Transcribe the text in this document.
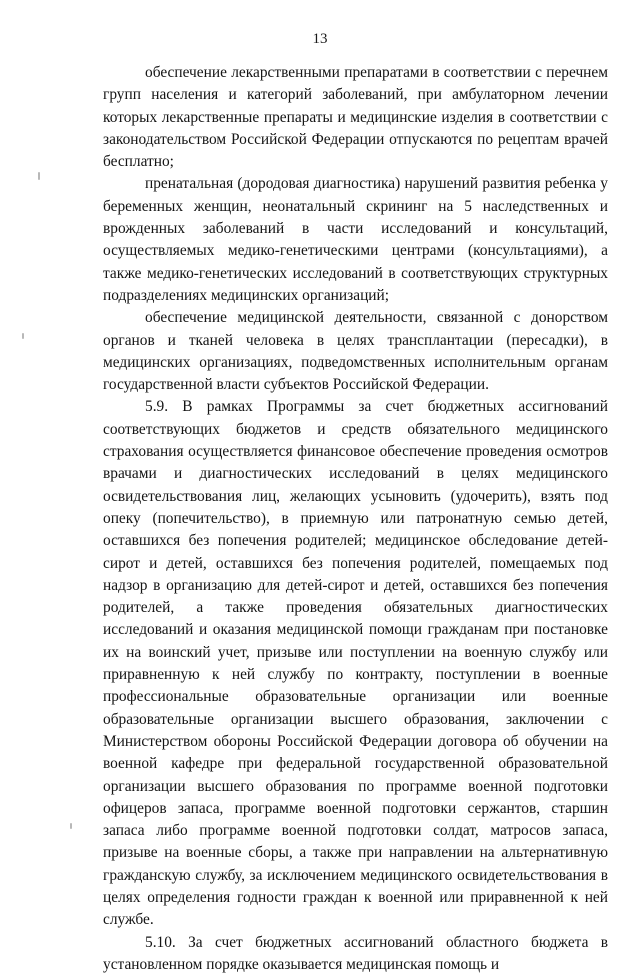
13

обеспечение лекарственными препаратами в соответствии с перечнем групп населения и категорий заболеваний, при амбулаторном лечении которых лекарственные препараты и медицинские изделия в соответствии с законодательством Российской Федерации отпускаются по рецептам врачей бесплатно;

пренатальная (дородовая диагностика) нарушений развития ребенка у беременных женщин, неонатальный скрининг на 5 наследственных и врожденных заболеваний в части исследований и консультаций, осуществляемых медико-генетическими центрами (консультациями), а также медико-генетических исследований в соответствующих структурных подразделениях медицинских организаций;

обеспечение медицинской деятельности, связанной с донорством органов и тканей человека в целях трансплантации (пересадки), в медицинских организациях, подведомственных исполнительным органам государственной власти субъектов Российской Федерации.

5.9. В рамках Программы за счет бюджетных ассигнований соответствующих бюджетов и средств обязательного медицинского страхования осуществляется финансовое обеспечение проведения осмотров врачами и диагностических исследований в целях медицинского освидетельствования лиц, желающих усыновить (удочерить), взять под опеку (попечительство), в приемную или патронатную семью детей, оставшихся без попечения родителей; медицинское обследование детей-сирот и детей, оставшихся без попечения родителей, помещаемых под надзор в организацию для детей-сирот и детей, оставшихся без попечения родителей, а также проведения обязательных диагностических исследований и оказания медицинской помощи гражданам при постановке их на воинский учет, призыве или поступлении на военную службу или приравненную к ней службу по контракту, поступлении в военные профессиональные образовательные организации или военные образовательные организации высшего образования, заключении с Министерством обороны Российской Федерации договора об обучении на военной кафедре при федеральной государственной образовательной организации высшего образования по программе военной подготовки офицеров запаса, программе военной подготовки сержантов, старшин запаса либо программе военной подготовки солдат, матросов запаса, призыве на военные сборы, а также при направлении на альтернативную гражданскую службу, за исключением медицинского освидетельствования в целях определения годности граждан к военной или приравненной к ней службе.

5.10. За счет бюджетных ассигнований областного бюджета в установленном порядке оказывается медицинская помощь и
